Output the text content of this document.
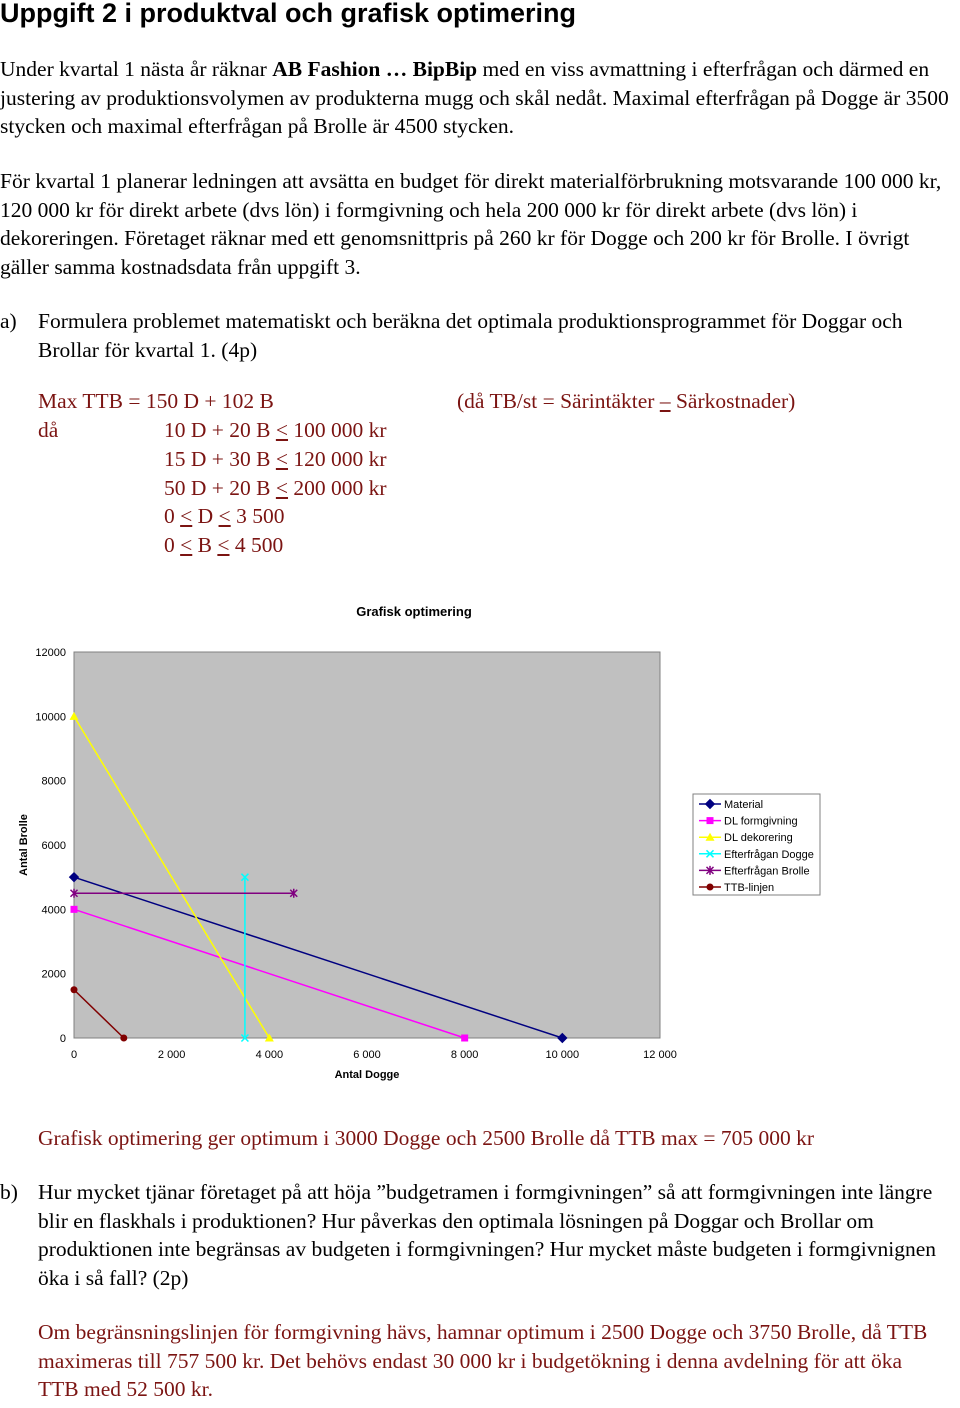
Uppgift 2 i produktval och grafisk optimering

Under kvartal 1 nästa år räknar AB Fashion … BipBip med en viss avmattning i efterfrågan och därmed en justering av produktionsvolymen av produkterna mugg och skål nedåt. Maximal efterfrågan på Dogge är 3500 stycken och maximal efterfrågan på Brolle är 4500 stycken.

För kvartal 1 planerar ledningen att avsätta en budget för direkt materialförbrukning motsvarande 100 000 kr, 120 000 kr för direkt arbete (dvs lön) i formgivning och hela 200 000 kr för direkt arbete (dvs lön) i dekoreringen. Företaget räknar med ett genomsnittpris på 260 kr för Dogge och 200 kr för Brolle. I övrigt gäller samma kostnadsdata från uppgift 3.

a) Formulera problemet matematiskt och beräkna det optimala produktionsprogrammet för Doggar och Brollar för kvartal 1. (4p)

Max TTB = 150 D + 102 B	(då TB/st = Särintäkter – Särkostnader)
då	10 D + 20 B < 100 000 kr
15 D + 30 B < 120 000 kr
50 D + 20 B < 200 000 kr
0 < D < 3 500
0 < B < 4 500
Grafisk optimering
0
2000
4000
6000
8000
10000
12000
0	2 000	4 000	6 000	8 000	10 000	12 000
Antal Dogge
Antal Brolle
Material
DL formgivning
DL dekorering
Efterfrågan Dogge
Efterfrågan Brolle
TTB-linjen

Grafisk optimering ger optimum i 3000 Dogge och 2500 Brolle då TTB max = 705 000 kr

b) Hur mycket tjänar företaget på att höja ”budgetramen i formgivningen” så att formgivningen inte längre blir en flaskhals i produktionen? Hur påverkas den optimala lösningen på Doggar och Brollar om produktionen inte begränsas av budgeten i formgivningen? Hur mycket måste budgeten i formgivnignen öka i så fall? (2p)

Om begränsningslinjen för formgivning hävs, hamnar optimum i 2500 Dogge och 3750 Brolle, då TTB maximeras till 757 500 kr. Det behövs endast 30 000 kr i budgetökning i denna avdelning för att öka TTB med 52 500 kr.
